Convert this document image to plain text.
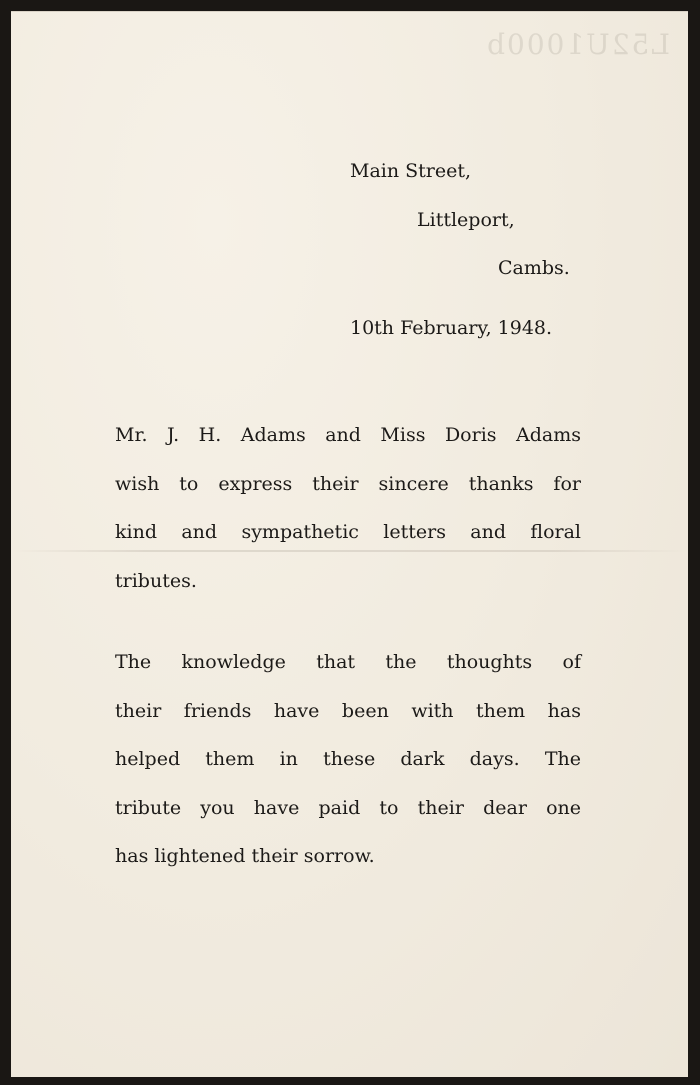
L52U1000b
Main Street,
Littleport,
Cambs.
10th February, 1948.
Mr. J. H. Adams and Miss Doris Adams
wish to express their sincere thanks for
kind and sympathetic letters and floral
tributes.
The knowledge that the thoughts of
their friends have been with them has
helped them in these dark days. The
tribute you have paid to their dear one
has lightened their sorrow.
